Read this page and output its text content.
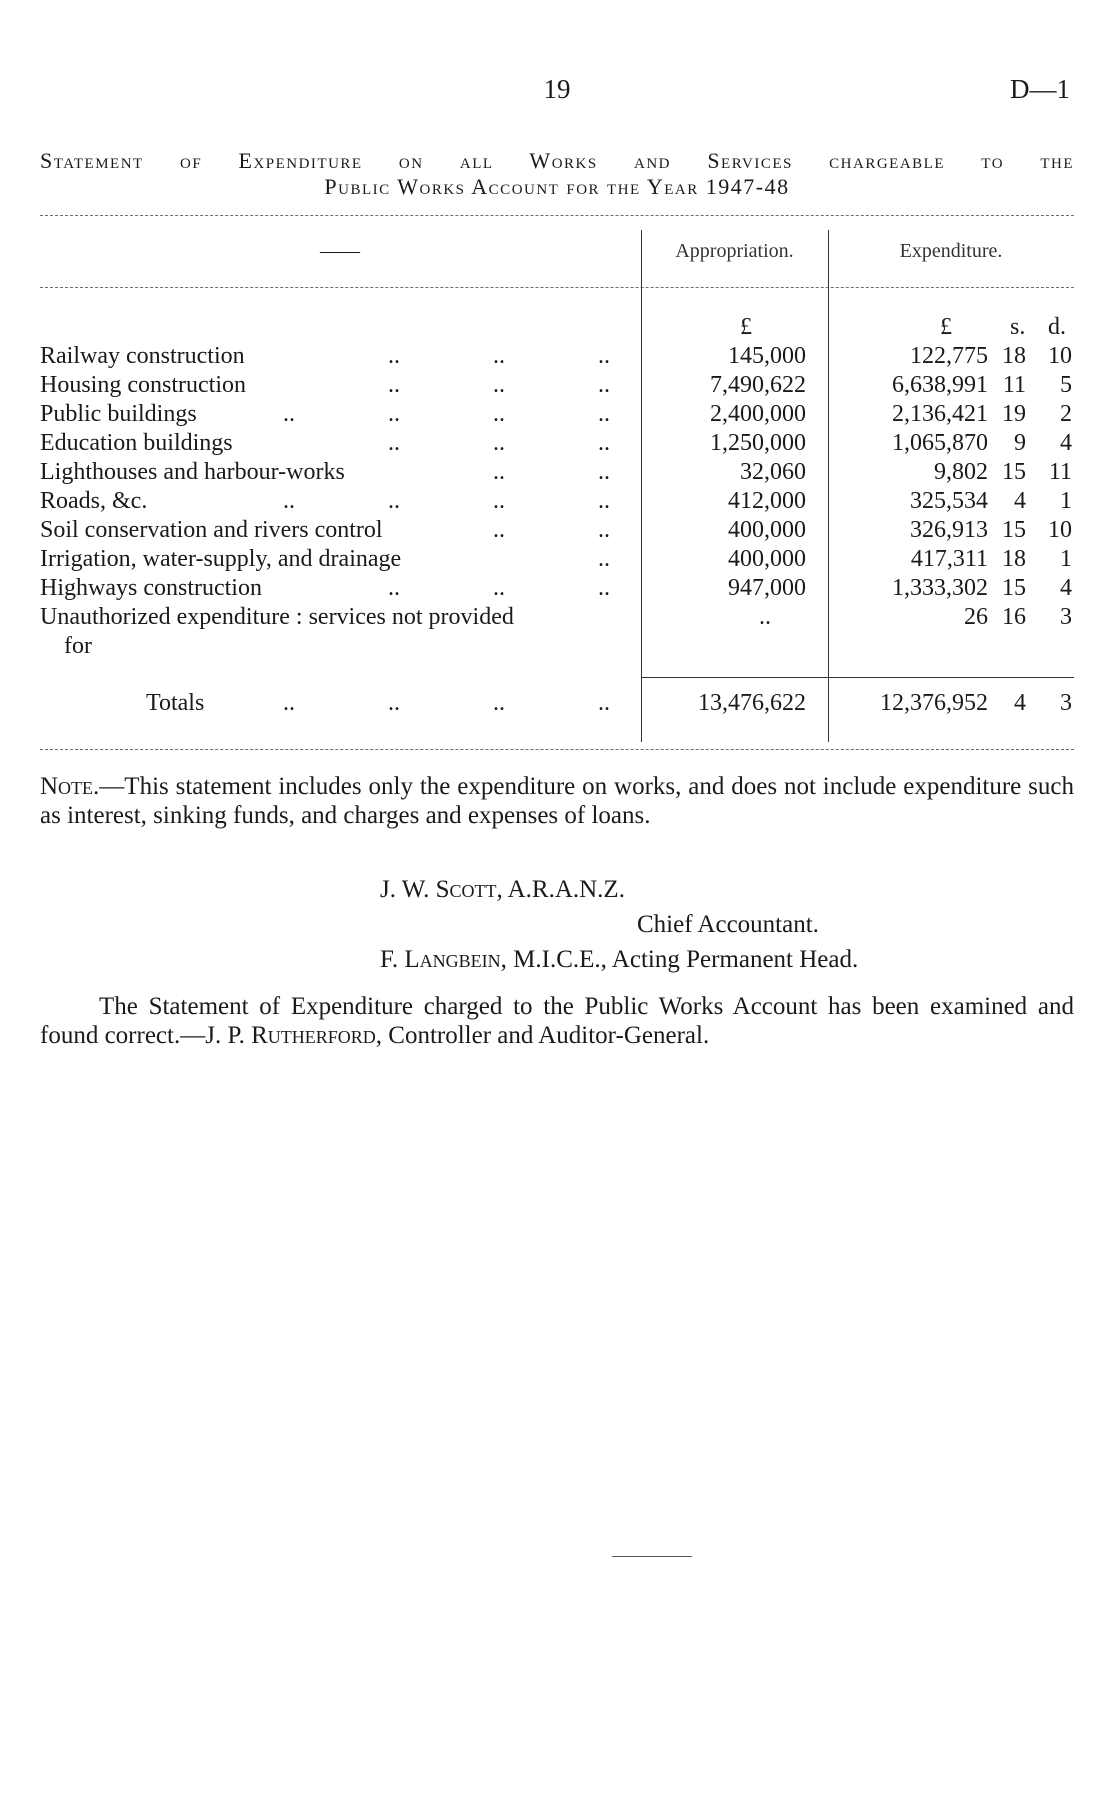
19	D—1
Statement of Expenditure on all Works and Services chargeable to the
Public Works Account for the Year 1947-48
——	Appropriation.	Expenditure.
£	£ s. d.
Railway construction	..	..	..	145,000	122,775 18 10
Housing construction	..	..	..	7,490,622	6,638,991 11 5
Public buildings	..	..	..	..	2,400,000	2,136,421 19 2
Education buildings	..	..	..	1,250,000	1,065,870 9 4
Lighthouses and harbour-works	..	..	32,060	9,802 15 11
Roads, &c.	..	..	..	..	412,000	325,534 4 1
Soil conservation and rivers control	..	..	400,000	326,913 15 10
Irrigation, water-supply, and drainage	..	400,000	417,311 18 1
Highways construction	..	..	..	947,000	1,333,302 15 4
Unauthorized expenditure : services not provided	..	26 16 3
for
Totals	..	..	..	..	13,476,622	12,376,952 4 3
Note.—This statement includes only the expenditure on works, and does not include expenditure such as interest, sinking funds, and charges and expenses of loans.
J. W. Scott, A.R.A.N.Z.
Chief Accountant.
F. Langbein, M.I.C.E., Acting Permanent Head.
The Statement of Expenditure charged to the Public Works Account has been examined and found correct.—J. P. Rutherford, Controller and Auditor-General.
